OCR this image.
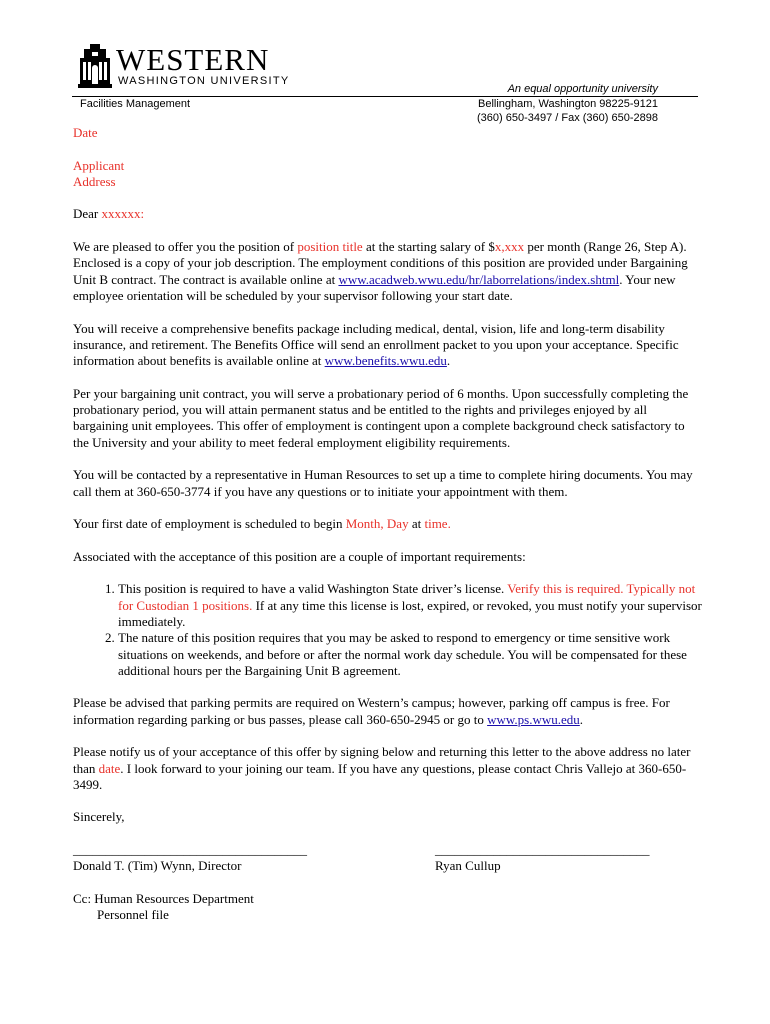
WESTERN
WASHINGTON UNIVERSITY
An equal opportunity university
Facilities Management	Bellingham, Washington 98225-9121
(360) 650-3497 / Fax (360) 650-2898

Date

Applicant
Address

Dear xxxxxx:

We are pleased to offer you the position of position title at the starting salary of $x,xxx per month (Range 26, Step A). Enclosed is a copy of your job description. The employment conditions of this position are provided under Bargaining Unit B contract. The contract is available online at www.acadweb.wwu.edu/hr/laborrelations/index.shtml. Your new employee orientation will be scheduled by your supervisor following your start date.

You will receive a comprehensive benefits package including medical, dental, vision, life and long-term disability insurance, and retirement. The Benefits Office will send an enrollment packet to you upon your acceptance. Specific information about benefits is available online at www.benefits.wwu.edu.

Per your bargaining unit contract, you will serve a probationary period of 6 months. Upon successfully completing the probationary period, you will attain permanent status and be entitled to the rights and privileges enjoyed by all bargaining unit employees. This offer of employment is contingent upon a complete background check satisfactory to the University and your ability to meet federal employment eligibility requirements.

You will be contacted by a representative in Human Resources to set up a time to complete hiring documents. You may call them at 360-650-3774 if you have any questions or to initiate your appointment with them.

Your first date of employment is scheduled to begin Month, Day at time.

Associated with the acceptance of this position are a couple of important requirements:

1. This position is required to have a valid Washington State driver’s license. Verify this is required. Typically not for Custodian 1 positions. If at any time this license is lost, expired, or revoked, you must notify your supervisor immediately.
2. The nature of this position requires that you may be asked to respond to emergency or time sensitive work situations on weekends, and before or after the normal work day schedule. You will be compensated for these additional hours per the Bargaining Unit B agreement.

Please be advised that parking permits are required on Western’s campus; however, parking off campus is free. For information regarding parking or bus passes, please call 360-650-2945 or go to www.ps.wwu.edu.

Please notify us of your acceptance of this offer by signing below and returning this letter to the above address no later than date. I look forward to your joining our team. If you have any questions, please contact Chris Vallejo at 360-650-3499.

Sincerely,

____________________________________
Donald T. (Tim) Wynn, Director
_________________________________
Ryan Cullup
Cc: Human Resources Department
Personnel file
